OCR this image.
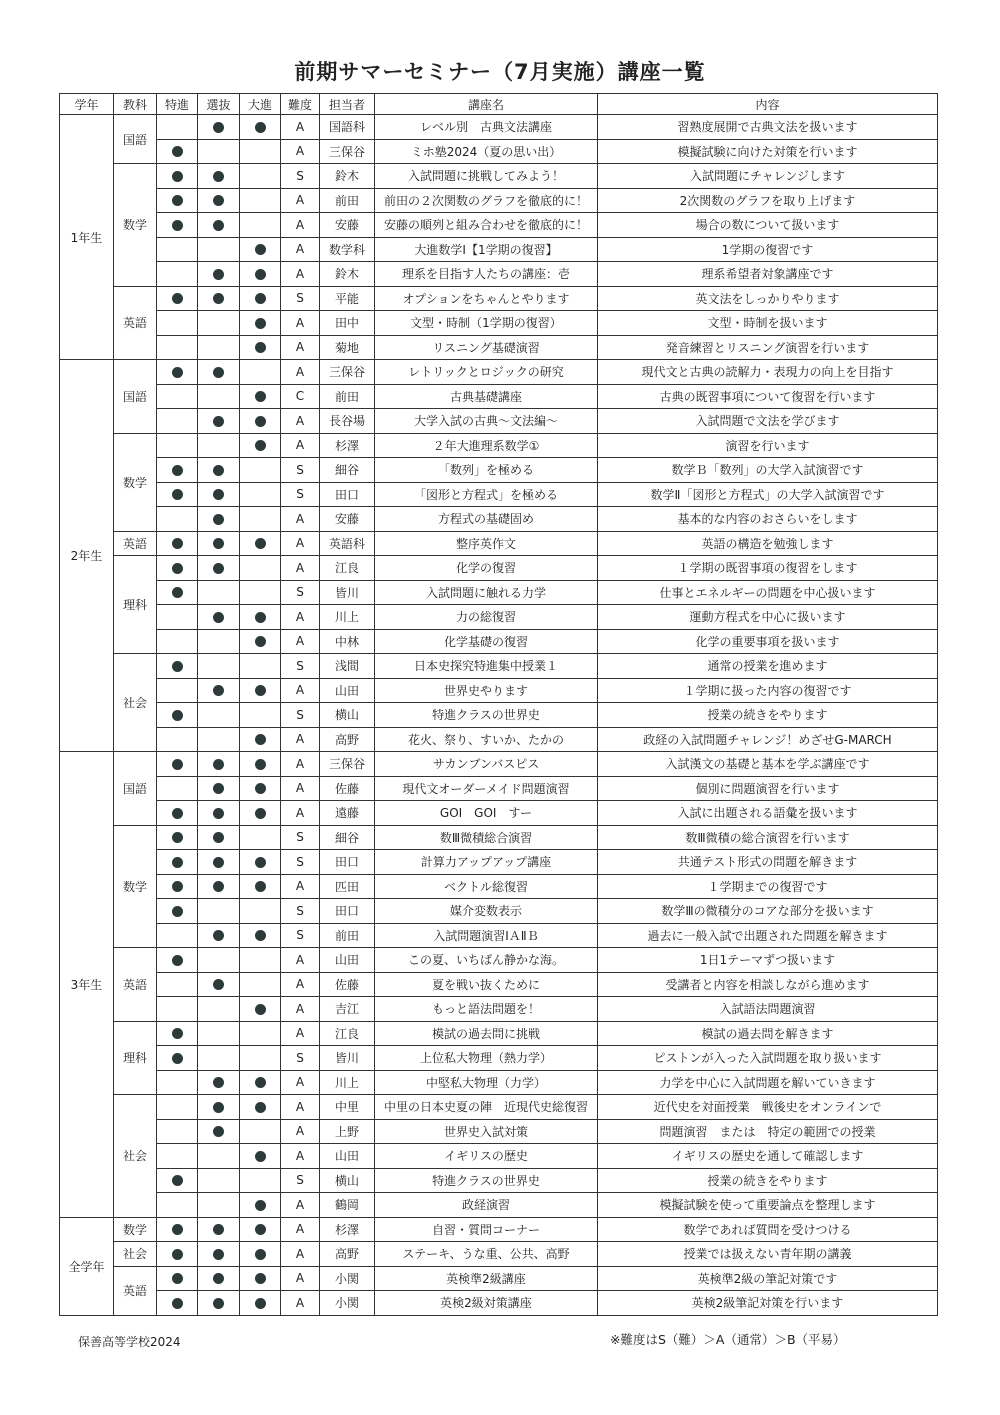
前期サマーセミナー（7月実施）講座一覧
学年	教科	特進	選抜	大進	難度	担当者	講座名	内容
1年生	国語				A	国語科	レベル別　古典文法講座	習熟度展開で古典文法を扱います
					A	三保谷	ミホ塾2024（夏の思い出）	模擬試験に向けた対策を行います
	数学				S	鈴木	入試問題に挑戦してみよう！	入試問題にチャレンジします
					A	前田	前田の２次関数のグラフを徹底的に！	2次関数のグラフを取り上げます
					A	安藤	安藤の順列と組み合わせを徹底的に！	場合の数について扱います
					A	数学科	大進数学Ⅰ【1学期の復習】	1学期の復習です
					A	鈴木	理系を目指す人たちの講座：壱	理系希望者対象講座です
	英語				S	平能	オプションをちゃんとやります	英文法をしっかりやります
					A	田中	文型・時制（1学期の復習）	文型・時制を扱います
					A	菊地	リスニング基礎演習	発音練習とリスニング演習を行います
2年生	国語				A	三保谷	レトリックとロジックの研究	現代文と古典の読解力・表現力の向上を目指す
					C	前田	古典基礎講座	古典の既習事項について復習を行います
					A	長谷場	大学入試の古典～文法編～	入試問題で文法を学びます
	数学				A	杉澤	２年大進理系数学①	演習を行います
					S	細谷	「数列」を極める	数学Ｂ「数列」の大学入試演習です
					S	田口	「図形と方程式」を極める	数学Ⅱ「図形と方程式」の大学入試演習です
					A	安藤	方程式の基礎固め	基本的な内容のおさらいをします
	英語				A	英語科	整序英作文	英語の構造を勉強します
	理科				A	江良	化学の復習	１学期の既習事項の復習をします
					S	皆川	入試問題に触れる力学	仕事とエネルギーの問題を中心扱います
					A	川上	力の総復習	運動方程式を中心に扱います
					A	中林	化学基礎の復習	化学の重要事項を扱います
	社会				S	浅間	日本史探究特進集中授業１	通常の授業を進めます
					A	山田	世界史やります	１学期に扱った内容の復習です
					S	横山	特進クラスの世界史	授業の続きをやります
					A	高野	花火、祭り、すいか、たかの	政経の入試問題チャレンジ！めざせG-MARCH
3年生	国語				A	三保谷	サカンブンバスピス	入試漢文の基礎と基本を学ぶ講座です
					A	佐藤	現代文オーダーメイド問題演習	個別に問題演習を行います
					A	遠藤	GOI　GOI　すー	入試に出題される語彙を扱います
	数学				S	細谷	数Ⅲ微積総合演習	数Ⅲ微積の総合演習を行います
					S	田口	計算力アップアップ講座	共通テスト形式の問題を解きます
					A	匹田	ベクトル総復習	１学期までの復習です
					S	田口	媒介変数表示	数学Ⅲの微積分のコアな部分を扱います
					S	前田	入試問題演習ⅠＡⅡＢ	過去に一般入試で出題された問題を解きます
	英語				A	山田	この夏、いちばん静かな海。	1日1テーマずつ扱います
					A	佐藤	夏を戦い抜くために	受講者と内容を相談しながら進めます
					A	吉江	もっと語法問題を！	入試語法問題演習
	理科				A	江良	模試の過去問に挑戦	模試の過去問を解きます
					S	皆川	上位私大物理（熱力学）	ピストンが入った入試問題を取り扱います
					A	川上	中堅私大物理（力学）	力学を中心に入試問題を解いていきます
	社会				A	中里	中里の日本史夏の陣　近現代史総復習	近代史を対面授業　戦後史をオンラインで
					A	上野	世界史入試対策	問題演習　または　特定の範囲での授業
					A	山田	イギリスの歴史	イギリスの歴史を通して確認します
					S	横山	特進クラスの世界史	授業の続きをやります
					A	鶴岡	政経演習	模擬試験を使って重要論点を整理します
全学年	数学				A	杉澤	自習・質問コーナー	数学であれば質問を受けつける
	社会				A	高野	ステーキ、うな重、公共、高野	授業では扱えない青年期の講義
	英語				A	小関	英検準2級講座	英検準2級の筆記対策です
					A	小関	英検2級対策講座	英検2級筆記対策を行います
保善高等学校2024	※難度はS（難）＞A（通常）＞B（平易）
